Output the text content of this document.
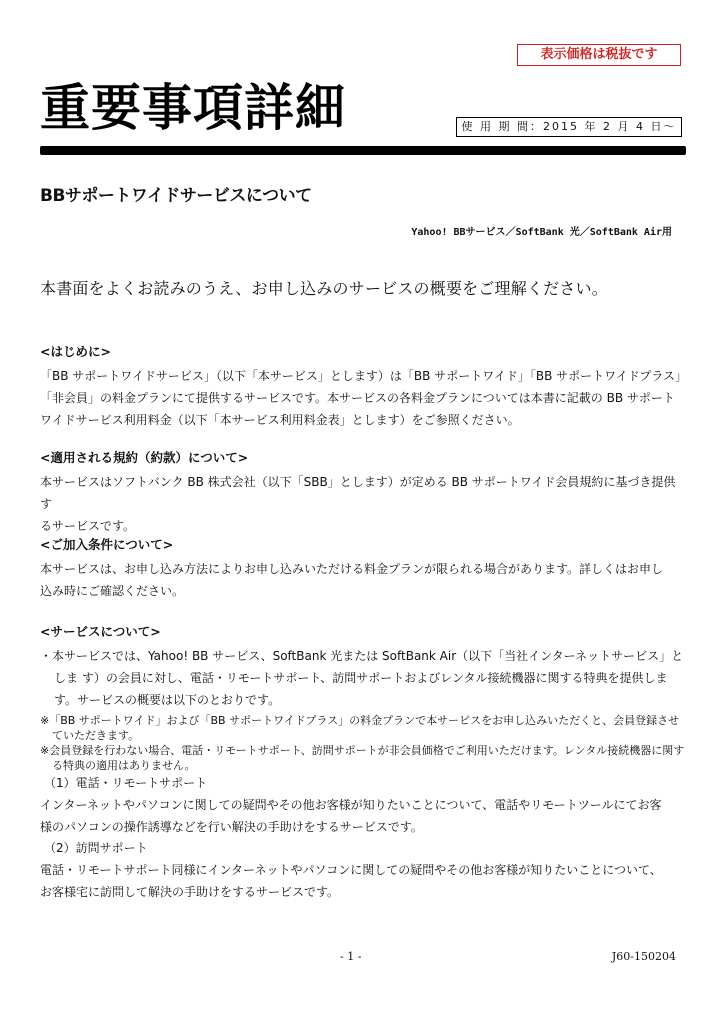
表示価格は税抜です
重要事項詳細	使 用 期 間：2015 年 2 月 4 日～
BBサポートワイドサービスについて
Yahoo! BBサービス／SoftBank 光／SoftBank Air用

本書面をよくお読みのうえ、お申し込みのサービスの概要をご理解ください。

<はじめに>

「BB サポートワイドサービス」（以下「本サービス」とします）は「BB サポートワイド」「BB サポートワイドプラス」

「非会員」の料金プランにて提供するサービスです。本サービスの各料金プランについては本書に記載の BB サポート

ワイドサービス利用料金（以下「本サービス利用料金表」とします）をご参照ください。

<適用される規約（約款）について>

本サービスはソフトバンク BB 株式会社（以下「SBB」とします）が定める BB サポートワイド会員規約に基づき提供す

るサービスです。

<ご加入条件について>

本サービスは、お申し込み方法によりお申し込みいただける料金プランが限られる場合があります。詳しくはお申し

込み時にご確認ください。

<サービスについて>

・本サービスでは、Yahoo! BB サービス、SoftBank 光または SoftBank Air（以下「当社インターネットサービス」と

しま す）の会員に対し、電話・リモートサポート、訪問サポートおよびレンタル接続機器に関する特典を提供しま

す。サービスの概要は以下のとおりです。

※「BB サポートワイド」および「BB サポートワイドプラス」の料金プランで本サービスをお申し込みいただくと、会員登録させていただきます。

※会員登録を行わない場合、電話・リモートサポート、訪問サポートが非会員価格でご利用いただけます。レンタル接続機器に関する特典の適用はありません。

（1）電話・リモートサポート

インターネットやパソコンに関しての疑問やその他お客様が知りたいことについて、電話やリモートツールにてお客

様のパソコンの操作誘導などを行い解決の手助けをするサービスです。

（2）訪問サポート

電話・リモートサポート同様にインターネットやパソコンに関しての疑問やその他お客様が知りたいことについて、

お客様宅に訪問して解決の手助けをするサービスです。

- 1 -	J60-150204
